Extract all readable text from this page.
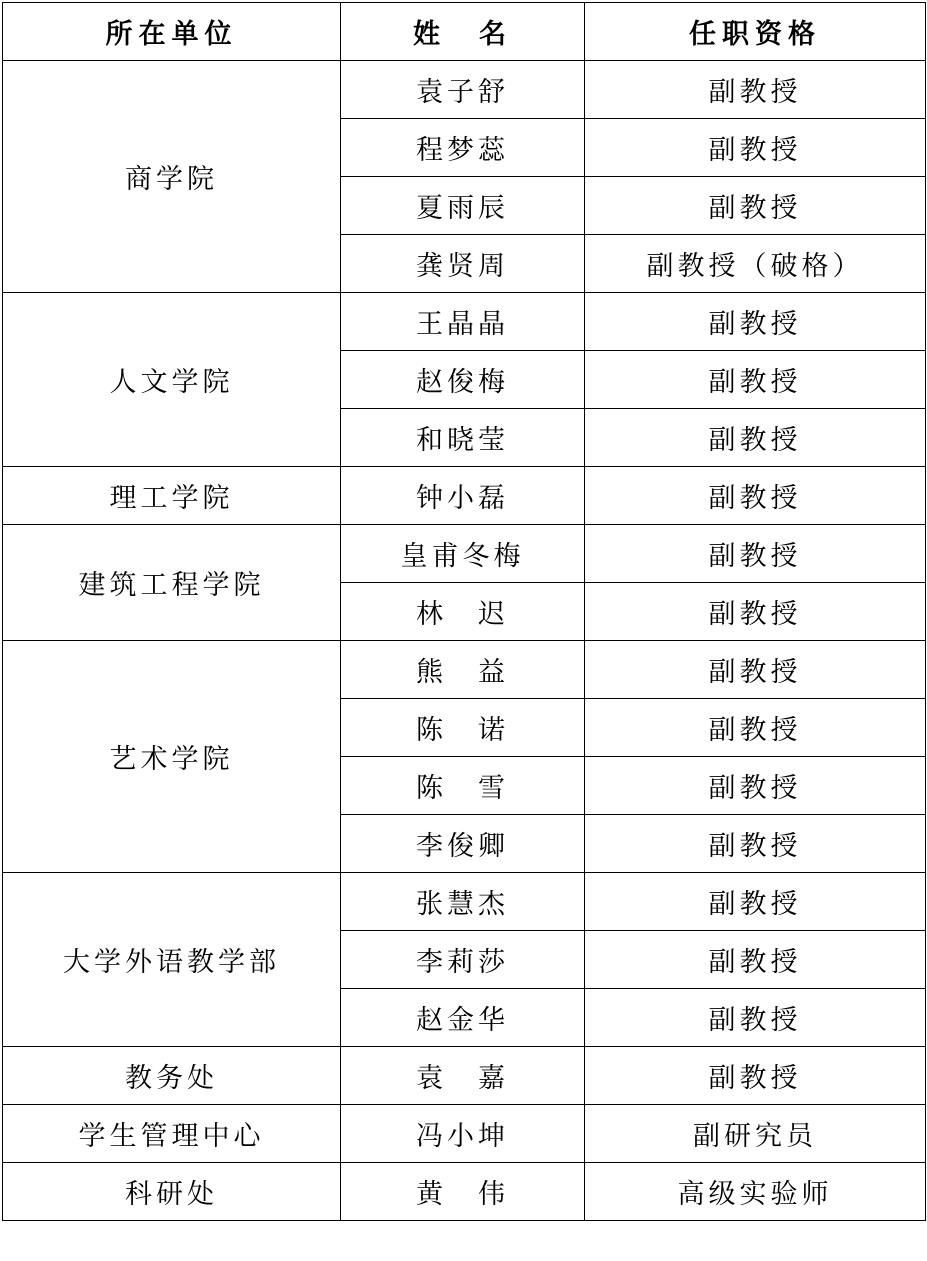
所在单位	姓　名	任职资格
商学院	袁子舒	副教授
	程梦蕊	副教授
	夏雨辰	副教授
	龚贤周	副教授（破格）
人文学院	王晶晶	副教授
	赵俊梅	副教授
	和晓莹	副教授
理工学院	钟小磊	副教授
建筑工程学院	皇甫冬梅	副教授
	林　迟	副教授
艺术学院	熊　益	副教授
	陈　诺	副教授
	陈　雪	副教授
	李俊卿	副教授
大学外语教学部	张慧杰	副教授
	李莉莎	副教授
	赵金华	副教授
教务处	袁　嘉	副教授
学生管理中心	冯小坤	副研究员
科研处	黄　伟	高级实验师
